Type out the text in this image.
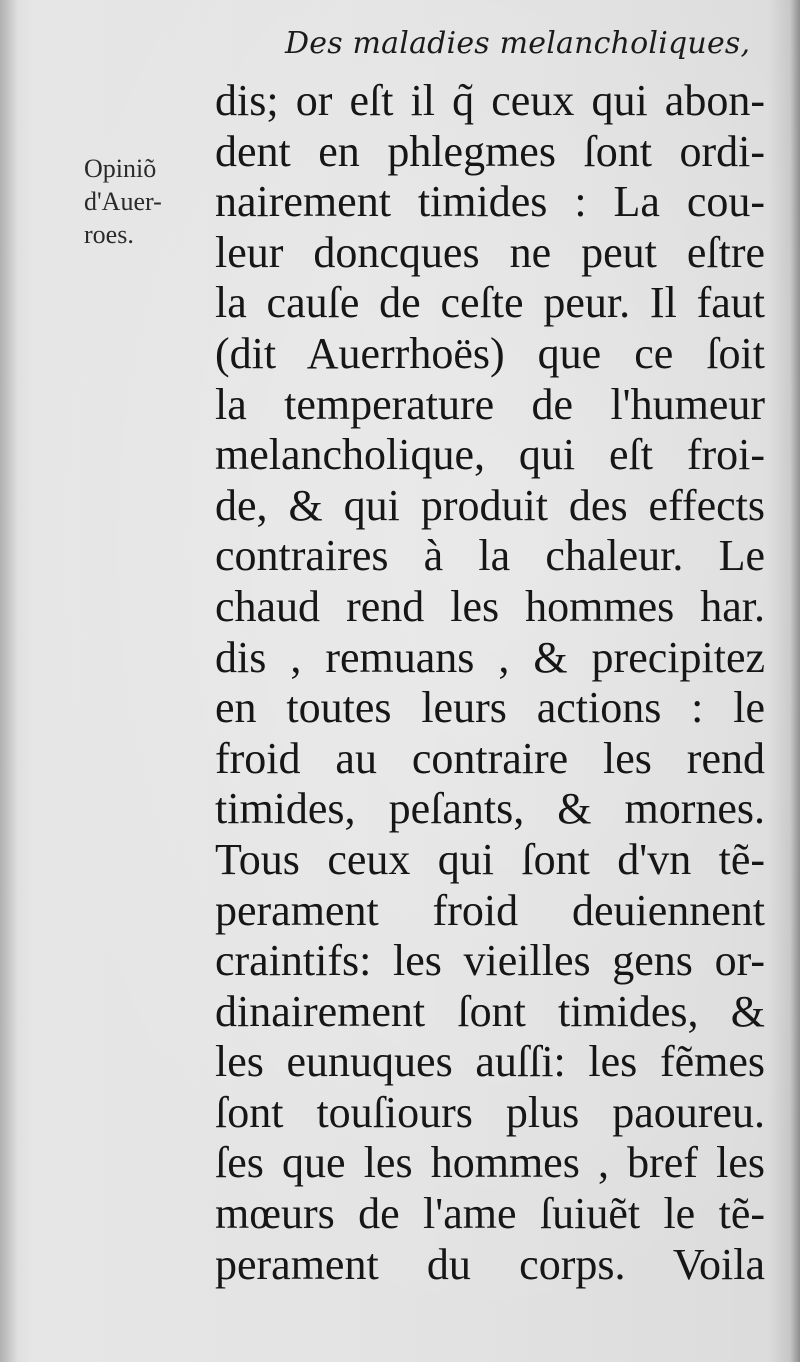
Des maladies melancholiques,
Opiniõ
d'Auer-
roes.
dis; or eſt il q̃ ceux qui abon-
dent en phlegmes ſont ordi-
nairement timides : La cou-
leur doncques ne peut eſtre
la cauſe de ceſte peur. Il faut
(dit Auerrhoës) que ce ſoit
la temperature de l'humeur
melancholique, qui eſt froi-
de, & qui produit des effects
contraires à la chaleur. Le
chaud rend les hommes har.
dis , remuans , & precipitez
en toutes leurs actions : le
froid au contraire les rend
timides, peſants, & mornes.
Tous ceux qui ſont d'vn tẽ-
perament froid deuiennent
craintifs: les vieilles gens or-
dinairement ſont timides, &
les eunuques auſſi: les fẽmes
ſont touſiours plus paoureu.
ſes que les hommes , bref les
mœurs de l'ame ſuiuẽt le tẽ-
perament du corps. Voila
